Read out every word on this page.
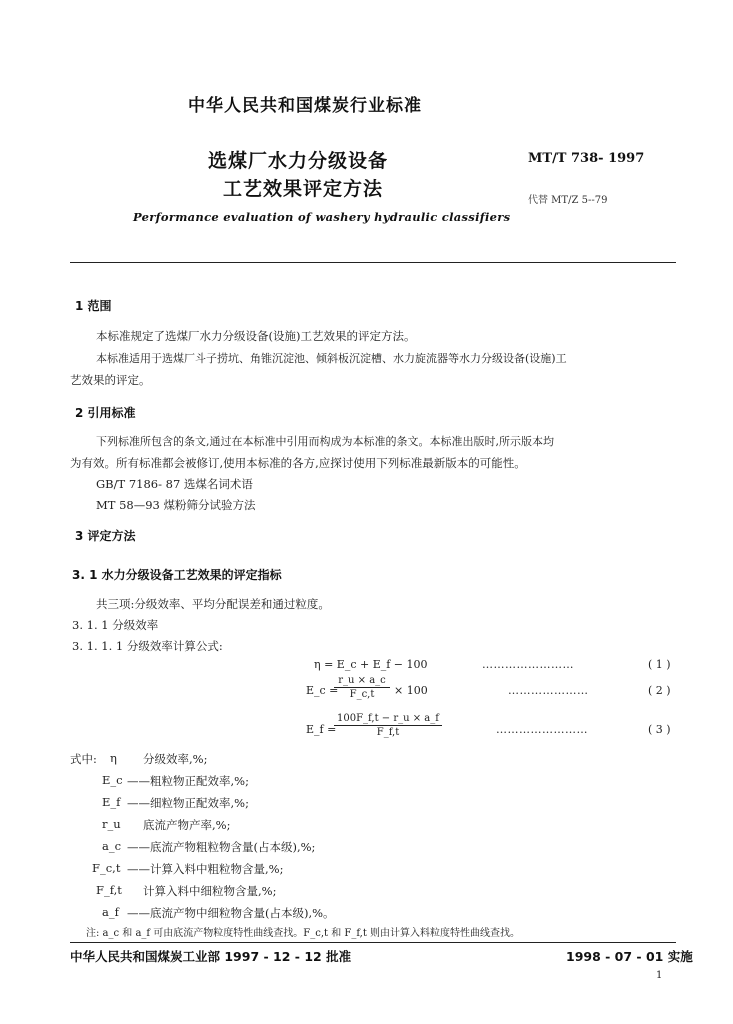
中华人民共和国煤炭行业标准
选煤厂水力分级设备
工艺效果评定方法
MT/T 738- 1997
代替 MT/Z 5--79
Performance evaluation of washery hydraulic classifiers
1 范围
本标准规定了选煤厂水力分级设备(设施)工艺效果的评定方法。
本标准适用于选煤厂斗子捞坑、角锥沉淀池、倾斜板沉淀槽、水力旋流器等水力分级设备(设施)工
艺效果的评定。
2 引用标准
下列标准所包含的条文,通过在本标准中引用而构成为本标准的条文。本标准出版时,所示版本均
为有效。所有标准都会被修订,使用本标准的各方,应探讨使用下列标准最新版本的可能性。
GB/T 7186- 87 选煤名词术语
MT 58—93 煤粉筛分试验方法
3 评定方法
3. 1 水力分级设备工艺效果的评定指标
共三项:分级效率、平均分配误差和通过粒度。
3. 1. 1 分级效率
3. 1. 1. 1 分级效率计算公式:
η = E_c + E_f − 100	……………………	( 1 )
E_c =
r_u × a_c
F_c,t	× 100	…………………	( 2 )
E_f =
100F_f,t − r_u × a_f
F_f,t	……………………	( 3 )
式中: η 分级效率,%;
E_c ——粗粒物正配效率,%;
E_f ——细粒物正配效率,%;
r_u 底流产物产率,%;
a_c ——底流产物粗粒物含量(占本级),%;
F_c,t ——计算入料中粗粒物含量,%;
F_f,t 计算入料中细粒物含量,%;
a_f ——底流产物中细粒物含量(占本级),%。
注: a_c 和 a_f 可由底流产物粒度特性曲线查找。F_c,t 和 F_f,t 则由计算入料粒度特性曲线查找。
中华人民共和国煤炭工业部 1997 - 12 - 12 批准	1998 - 07 - 01 实施
1
